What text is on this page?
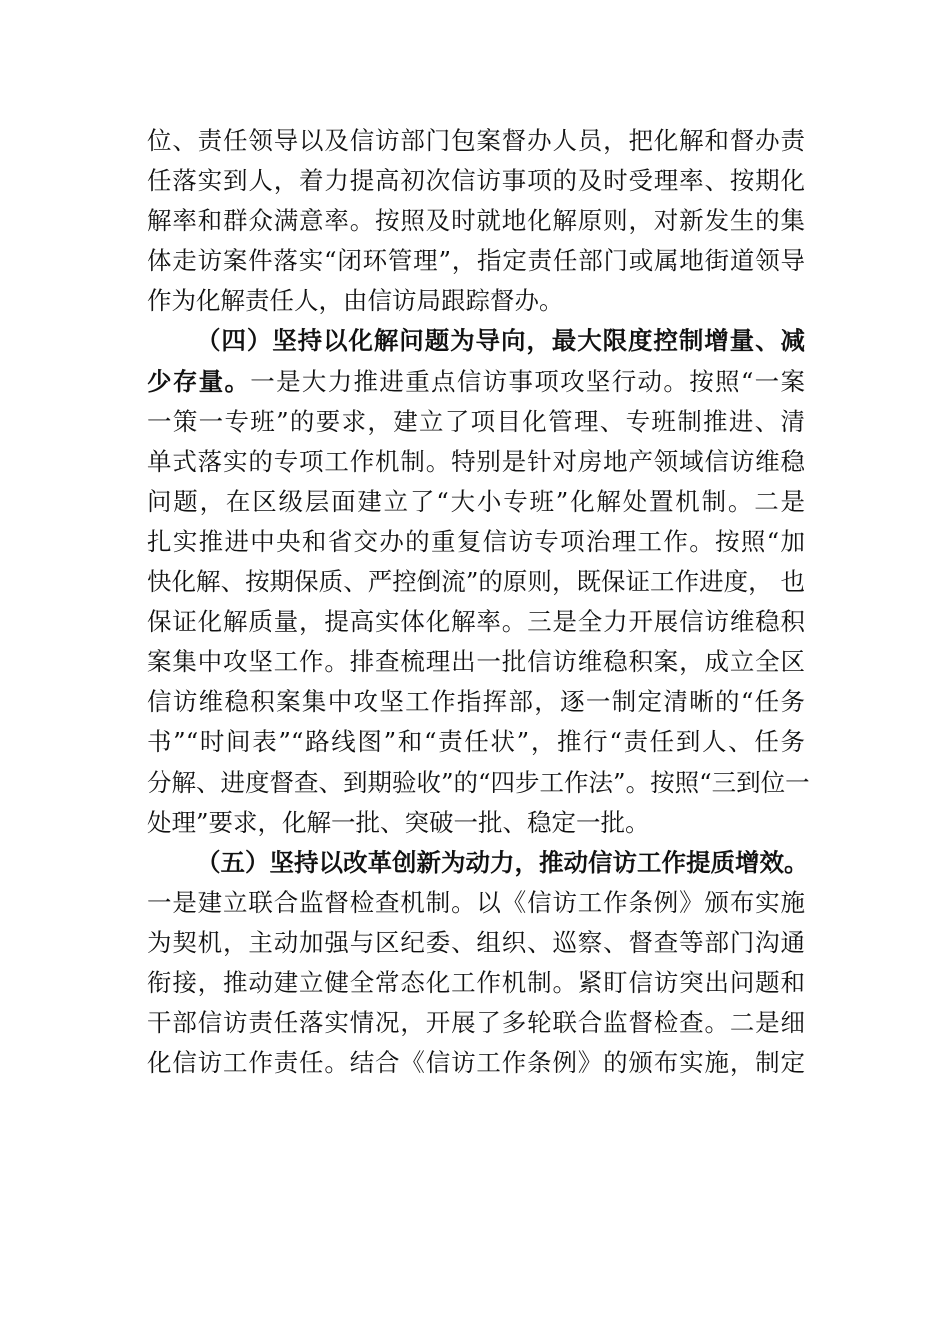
位、责任领导以及信访部门包案督办人员，把化解和督办责
任落实到人，着力提高初次信访事项的及时受理率、按期化
解率和群众满意率。按照及时就地化解原则，对新发生的集
体走访案件落实“闭环管理”，指定责任部门或属地街道领导
作为化解责任人，由信访局跟踪督办。
（四）坚持以化解问题为导向，最大限度控制增量、减
少存量。一是大力推进重点信访事项攻坚行动。按照“一案
一策一专班”的要求，建立了项目化管理、专班制推进、清
单式落实的专项工作机制。特别是针对房地产领域信访维稳
问题，在区级层面建立了“大小专班”化解处置机制。二是
扎实推进中央和省交办的重复信访专项治理工作。按照“加
快化解、按期保质、严控倒流”的原则，既保证工作进度， 也
保证化解质量，提高实体化解率。三是全力开展信访维稳积
案集中攻坚工作。排查梳理出一批信访维稳积案，成立全区
信访维稳积案集中攻坚工作指挥部，逐一制定清晰的“任务
书”“时间表”“路线图”和“责任状”，推行“责任到人、任务
分解、进度督查、到期验收”的“四步工作法”。按照“三到位一
处理”要求，化解一批、突破一批、稳定一批。
（五）坚持以改革创新为动力，推动信访工作提质增效。
一是建立联合监督检查机制。以《信访工作条例》颁布实施
为契机，主动加强与区纪委、组织、巡察、督查等部门沟通
衔接，推动建立健全常态化工作机制。紧盯信访突出问题和
干部信访责任落实情况，开展了多轮联合监督检查。二是细
化信访工作责任。结合《信访工作条例》的颁布实施，制定
